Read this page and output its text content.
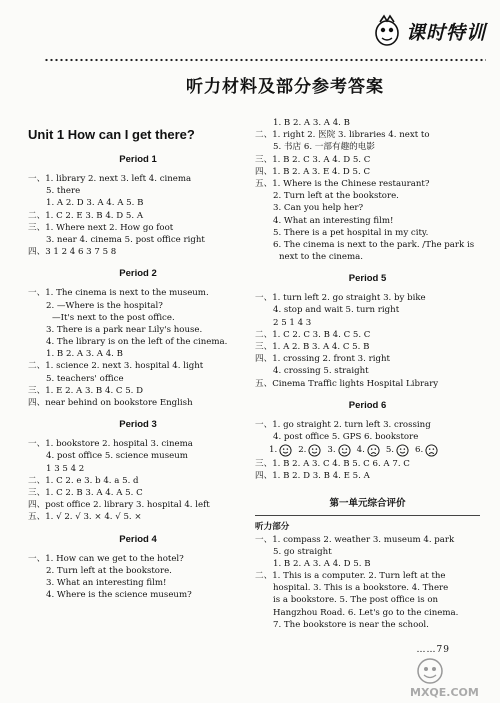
课时特训
听力材料及部分参考答案
Unit 1 How can I get there?
Period 1
一、1. library 2. next 3. left 4. cinema
5. there
1. A 2. D 3. A 4. A 5. B
二、1. C 2. E 3. B 4. D 5. A
三、1. Where next 2. How go foot
3. near 4. cinema 5. post office right
四、3 1 2 4 6 3 7 5 8
Period 2
一、1. The cinema is next to the museum.
2. —Where is the hospital?
—It's next to the post office.
3. There is a park near Lily's house.
4. The library is on the left of the cinema.
1. B 2. A 3. A 4. B
二、1. science 2. next 3. hospital 4. light
5. teachers' office
三、1. E 2. A 3. B 4. C 5. D
四、near behind on bookstore English
Period 3
一、1. bookstore 2. hospital 3. cinema
4. post office 5. science museum
1 3 5 4 2
二、1. C 2. e 3. b 4. a 5. d
三、1. C 2. B 3. A 4. A 5. C
四、post office 2. library 3. hospital 4. left
五、1. √ 2. √ 3. × 4. √ 5. ×
Period 4
一、1. How can we get to the hotel?
2. Turn left at the bookstore.
3. What an interesting film!
4. Where is the science museum?
1. B 2. A 3. A 4. B
二、1. right 2. 医院 3. libraries 4. next to
5. 书店 6. 一部有趣的电影
三、1. B 2. C 3. A 4. D 5. C
四、1. B 2. A 3. E 4. D 5. C
五、1. Where is the Chinese restaurant?
2. Turn left at the bookstore.
3. Can you help her?
4. What an interesting film!
5. There is a pet hospital in my city.
6. The cinema is next to the park. /The park is
next to the cinema.
Period 5
一、1. turn left 2. go straight 3. by bike
4. stop and wait 5. turn right
2 5 1 4 3
二、1. C 2. C 3. B 4. C 5. C
三、1. A 2. B 3. A 4. C 5. B
四、1. crossing 2. front 3. right
4. crossing 5. straight
五、Cinema Traffic lights Hospital Library
Period 6
一、1. go straight 2. turn left 3. crossing
4. post office 5. GPS 6. bookstore
1. 2. 3. 4. 5. 6.
三、1. B 2. A 3. C 4. B 5. C 6. A 7. C
四、1. B 2. D 3. B 4. E 5. A
第一单元综合评价
听力部分
一、1. compass 2. weather 3. museum 4. park
5. go straight
1. B 2. A 3. A 4. D 5. B
二、1. This is a computer. 2. Turn left at the
hospital. 3. This is a bookstore. 4. There
is a bookstore. 5. The post office is on
Hangzhou Road. 6. Let's go to the cinema.
7. The bookstore is near the school.
……79
MXQE.COM
